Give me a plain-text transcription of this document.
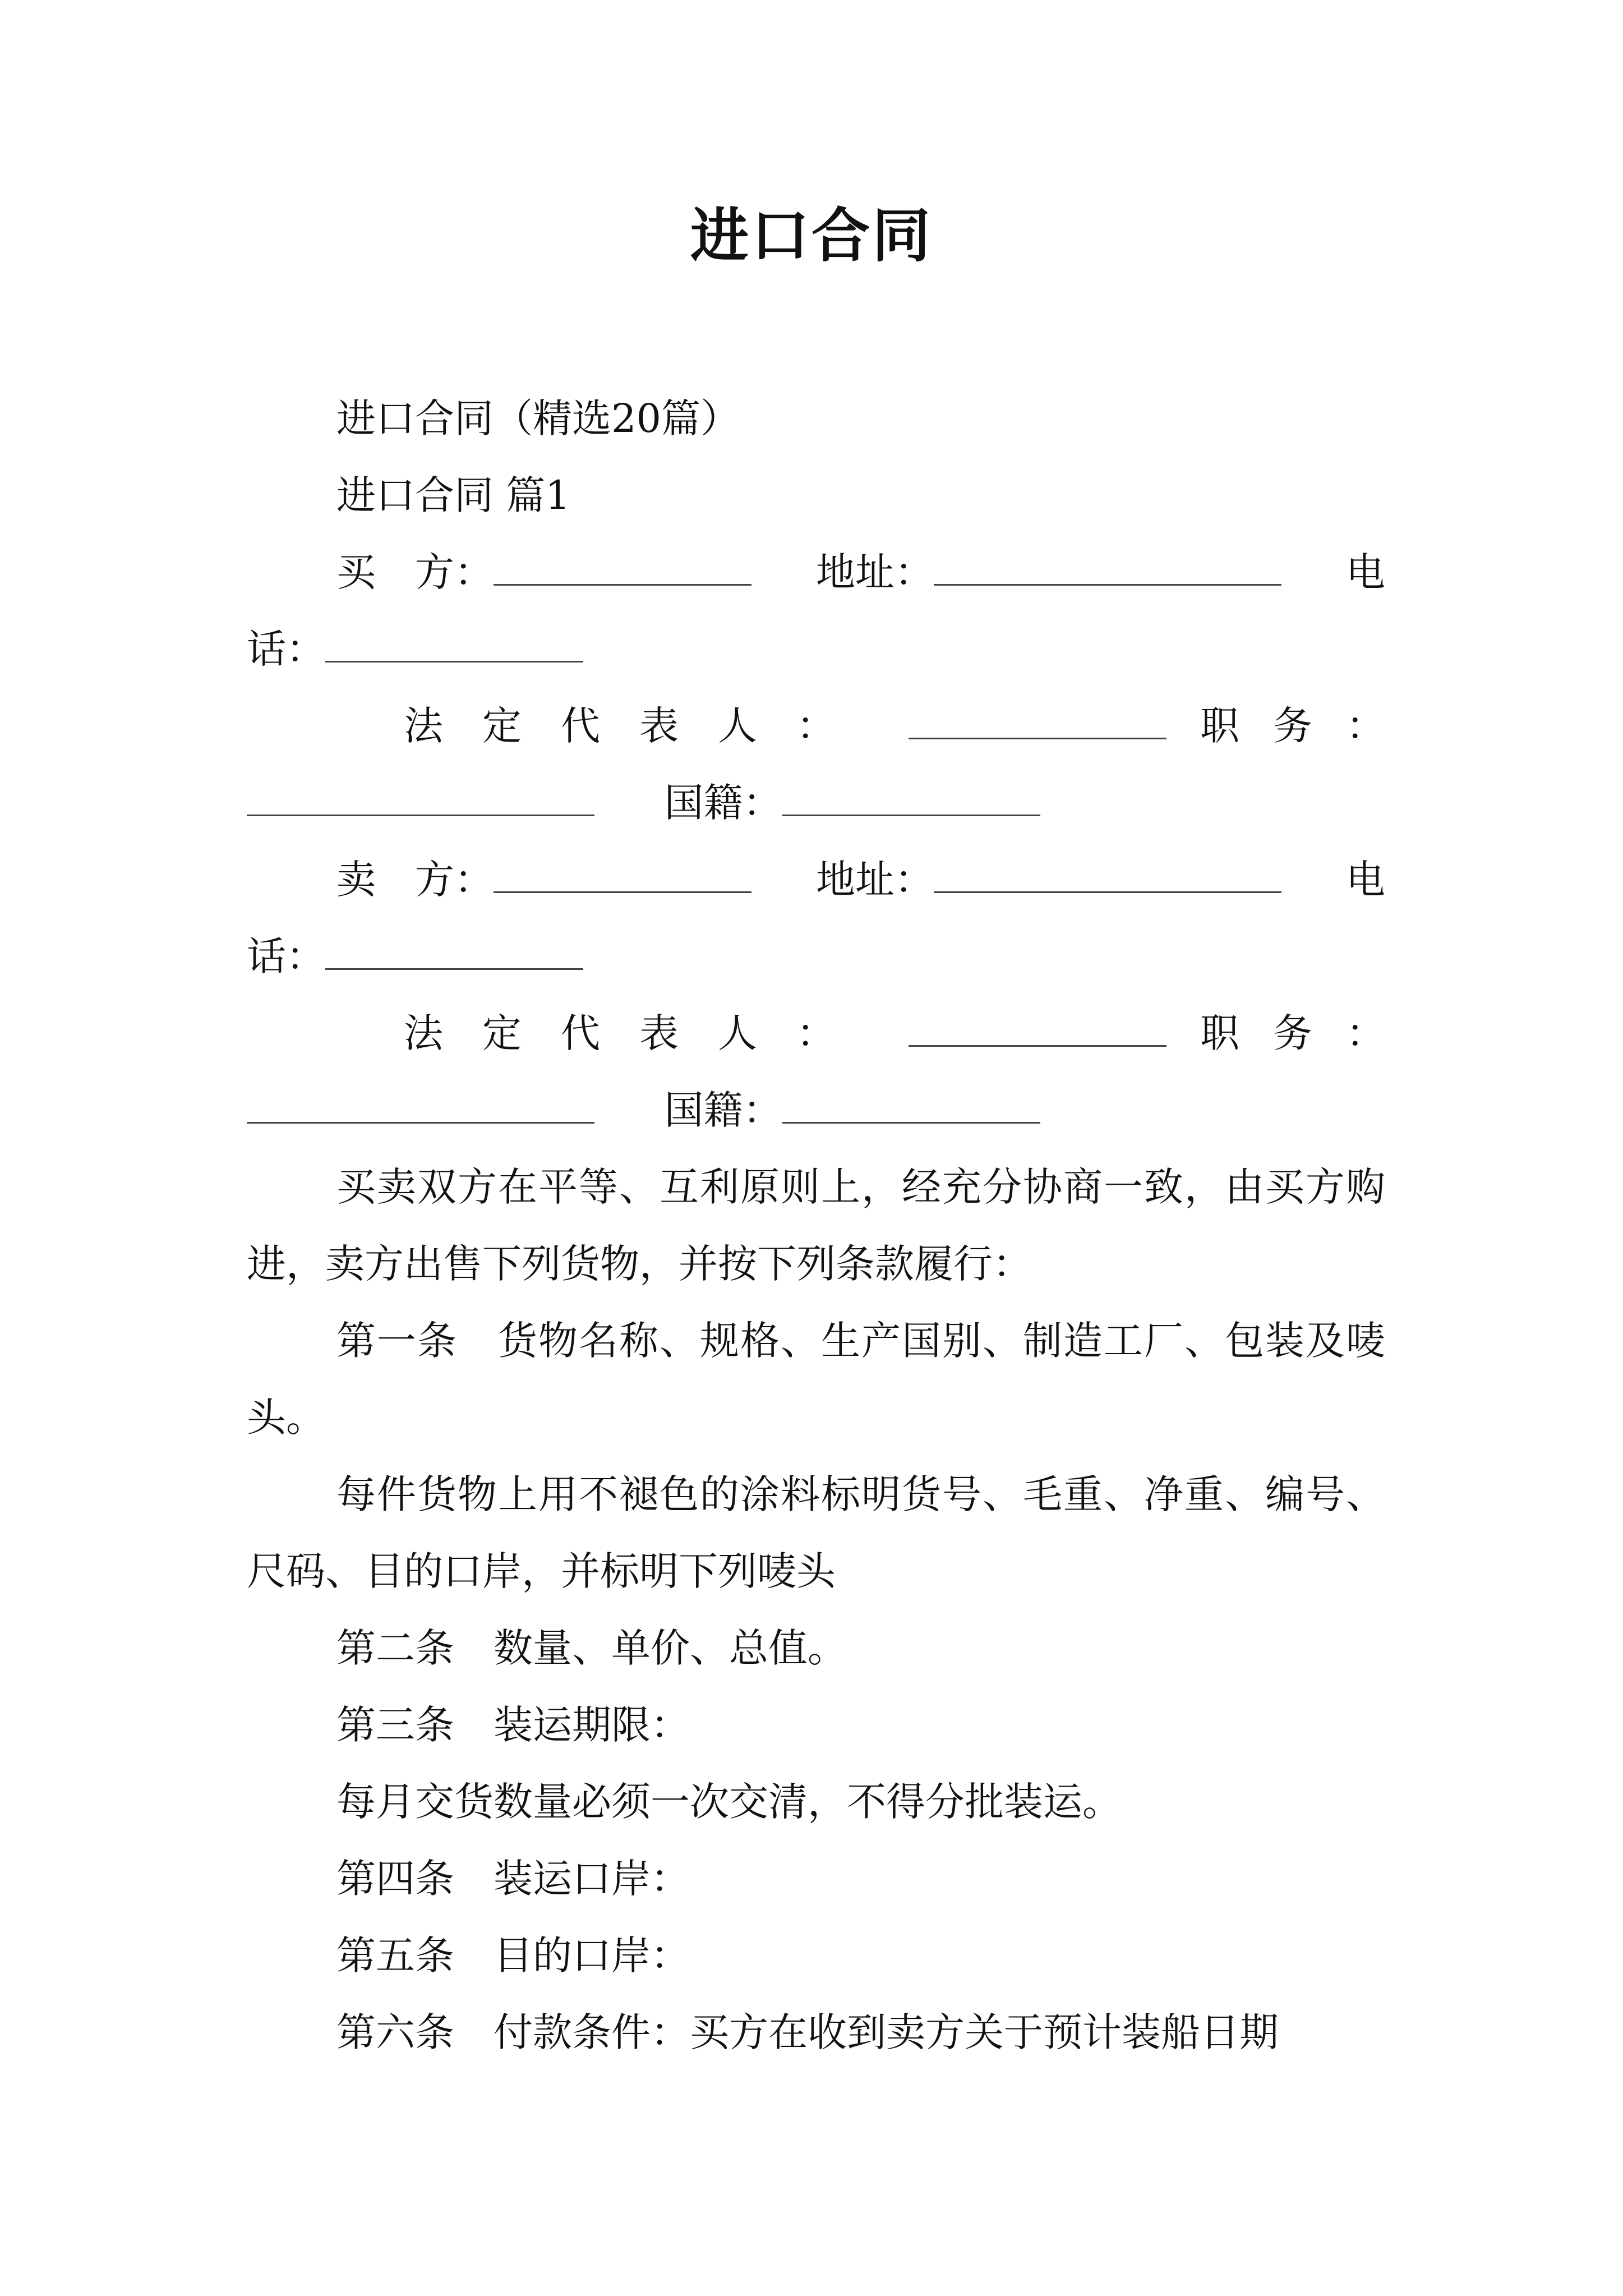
进口合同
进口合同（精选20篇）
进口合同 篇1
买　方：	地址：	电
话：
法定代表人：	职务：
国籍：
卖　方：	地址：	电
话：
法定代表人：	职务：
国籍：
买卖双方在平等、互利原则上，经充分协商一致，由买方购进，卖方出售下列货物，并按下列条款履行：
第一条　货物名称、规格、生产国别、制造工厂、包装及唛头。
每件货物上用不褪色的涂料标明货号、毛重、净重、编号、尺码、目的口岸，并标明下列唛头
第二条　数量、单价、总值。
第三条　装运期限：
每月交货数量必须一次交清，不得分批装运。
第四条　装运口岸：
第五条　目的口岸：
第六条　付款条件：买方在收到卖方关于预计装船日期
